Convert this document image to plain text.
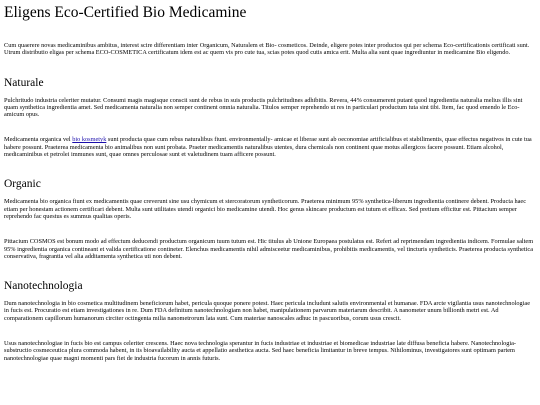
Eligens Eco-Certified Bio Medicamine

Cum quaerere novas medicaminibus ambitus, interest scire differentiam inter Organicum, Naturalem et Bio- cosmeticos. Deinde, eligere potes inter productos qui per schema Eco-certificationis certificati sunt. Utrum distributio eligas per schema ECO-COSMETICA certificatum idem est ac quem vis pro cute tua, scias potes quod cutis amica erit. Multa alia sunt quae ingrediuntur in medicamine Bio eligendo.

Naturale

Pulchritudo industria celeriter mutatur. Consumi magis magisque conscii sunt de rebus in suis productis pulchritudines adhibitis. Revera, 44% consumerent putant quod ingredientia naturalia melius illis sint quam synthetica ingredientia amet. Sed medicamenta naturalia non semper continent omnia naturalia. Titulos semper reprehendo ut res in particulari productum tuta sint tibi. Item, fac quod emendo le Eco-amicum opus.

Medicamenta organica vel bio kosmetyk sunt producta quae cum rebus naturalibus fiunt. environmentally- amicae et liberae sunt ab oeconomiae artificialibus et stabilimentis, quae effectus negativos in cute tua habere possunt. Praeterea medicamenta bio animalibus non sunt probata. Praeter medicamentis naturalibus utentes, dura chemicals non continent quae motus allergicos facere possunt. Etiam alcohol, medicaminibus et petrolei immunes sunt, quae omnes perculosae sunt et valetudinem tuam afficere possunt.

Organic

Medicamenta bio organica fiunt ex medicamentis quae creverunt sine usu chymicum et stercoratorum syntheticorum. Praeterea minimum 95% synthetica-liberum ingredientia continere debent. Producta haec etiam per honestam actionem certificari debent. Multa sunt utilitates utendi organici bio medicamine utendi. Hoc genus skincare productum est tutum et efficax. Sed pretium efficitur est. Pittacium semper reprehendo fac questus es summus qualitas operis.

Pittacium COSMOS est bonum modo ad effectum deducendi productum organicum tuum tutum est. Hic titulus ab Unione Europaea postulatus est. Refert ad reprimendam ingredientia indicem. Formulae saltem 95% ingredientia organica contineant et valida certificatione contineter. Elenchus medicamentis nihil admisceetur medicaminibus, prohibitis medicamentis, vel tincturis syntheticis. Praeterea producta synthetica conservativa, fragrantia vel alia additamenta synthetica uti non debent.

Nanotechnologia

Dum nanotechnologia in bio cosmetica multitudinem beneficiorum habet, pericula quoque ponere potest. Haec pericula includunt salutis environmental et humanae. FDA arcte vigilantia usus nanotechnologiae in fucis est. Procuratio est etiam investigationes in re. Dum FDA definitum nanotechnologiam non habet, manipulationem parvarum materiarum describit. A nanometer unum billionth metri est. Ad comparationem capillorum humanorum circiter octingenta milia nanometrorum lata sunt. Cum materiae nanoscales adhuc in pascuoribus, corum usus crescit.

Usus nanotechnologiae in fucis bio est campus celeriter crescens. Haec nova technologia sperantur in fucis industriae et industriae et biomedicae industriae late diffusa beneficia habere. Nanotechnologia-substructio cosmeceutica plura commoda habent, in iis bioavailability aucta et appellatio aesthetica aucta. Sed haec beneficia limitantur in breve tempus. Nihilominus, investigatores sunt optimam partem nanotechnologiae quae magni momenti pars fiet de industria fucorum in annis futuris.
